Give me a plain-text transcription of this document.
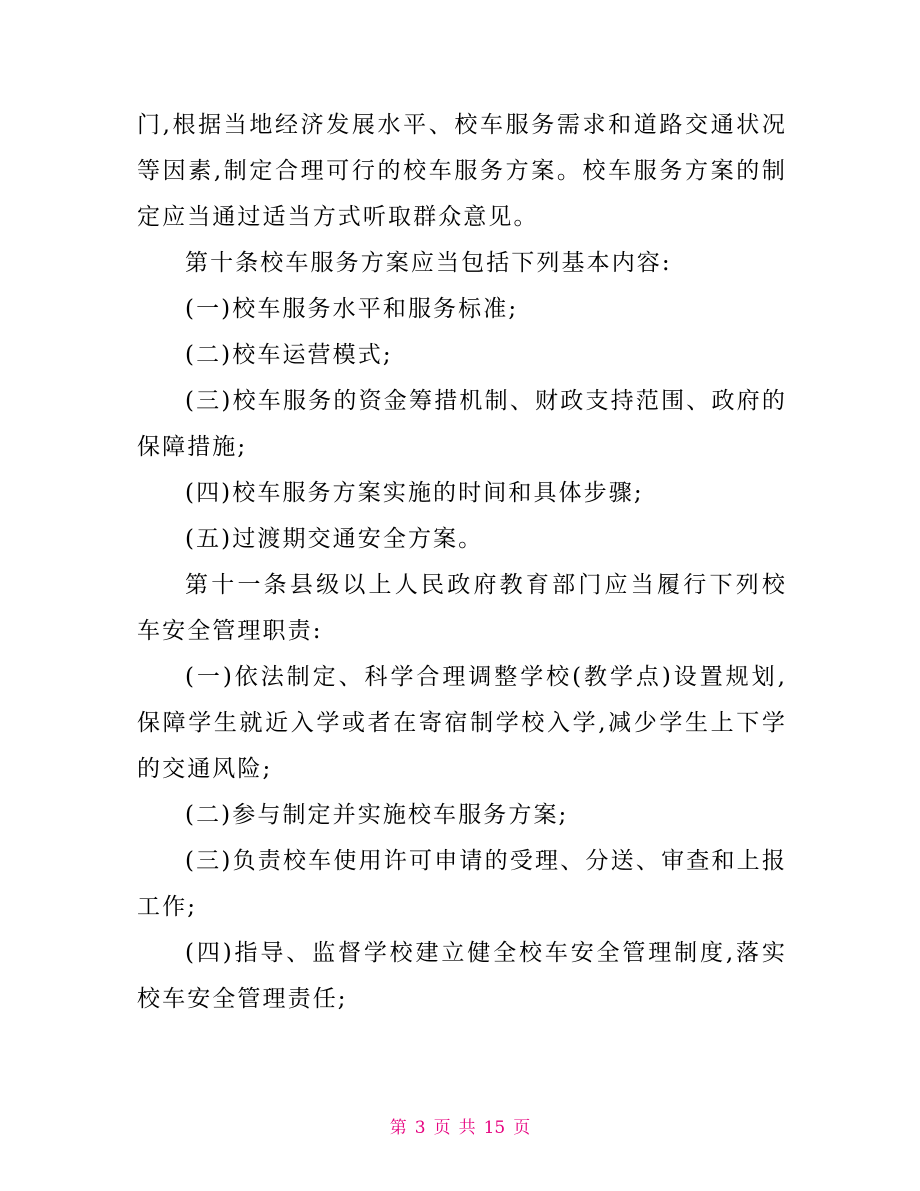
门,根据当地经济发展水平、校车服务需求和道路交通状况等因素,制定合理可行的校车服务方案。校车服务方案的制定应当通过适当方式听取群众意见。

第十条校车服务方案应当包括下列基本内容:

(一)校车服务水平和服务标准;

(二)校车运营模式;

(三)校车服务的资金筹措机制、财政支持范围、政府的保障措施;

(四)校车服务方案实施的时间和具体步骤;

(五)过渡期交通安全方案。

第十一条县级以上人民政府教育部门应当履行下列校车安全管理职责:

(一)依法制定、科学合理调整学校(教学点)设置规划,保障学生就近入学或者在寄宿制学校入学,减少学生上下学的交通风险;

(二)参与制定并实施校车服务方案;

(三)负责校车使用许可申请的受理、分送、审查和上报工作;

(四)指导、监督学校建立健全校车安全管理制度,落实校车安全管理责任;

第 3 页 共 15 页
